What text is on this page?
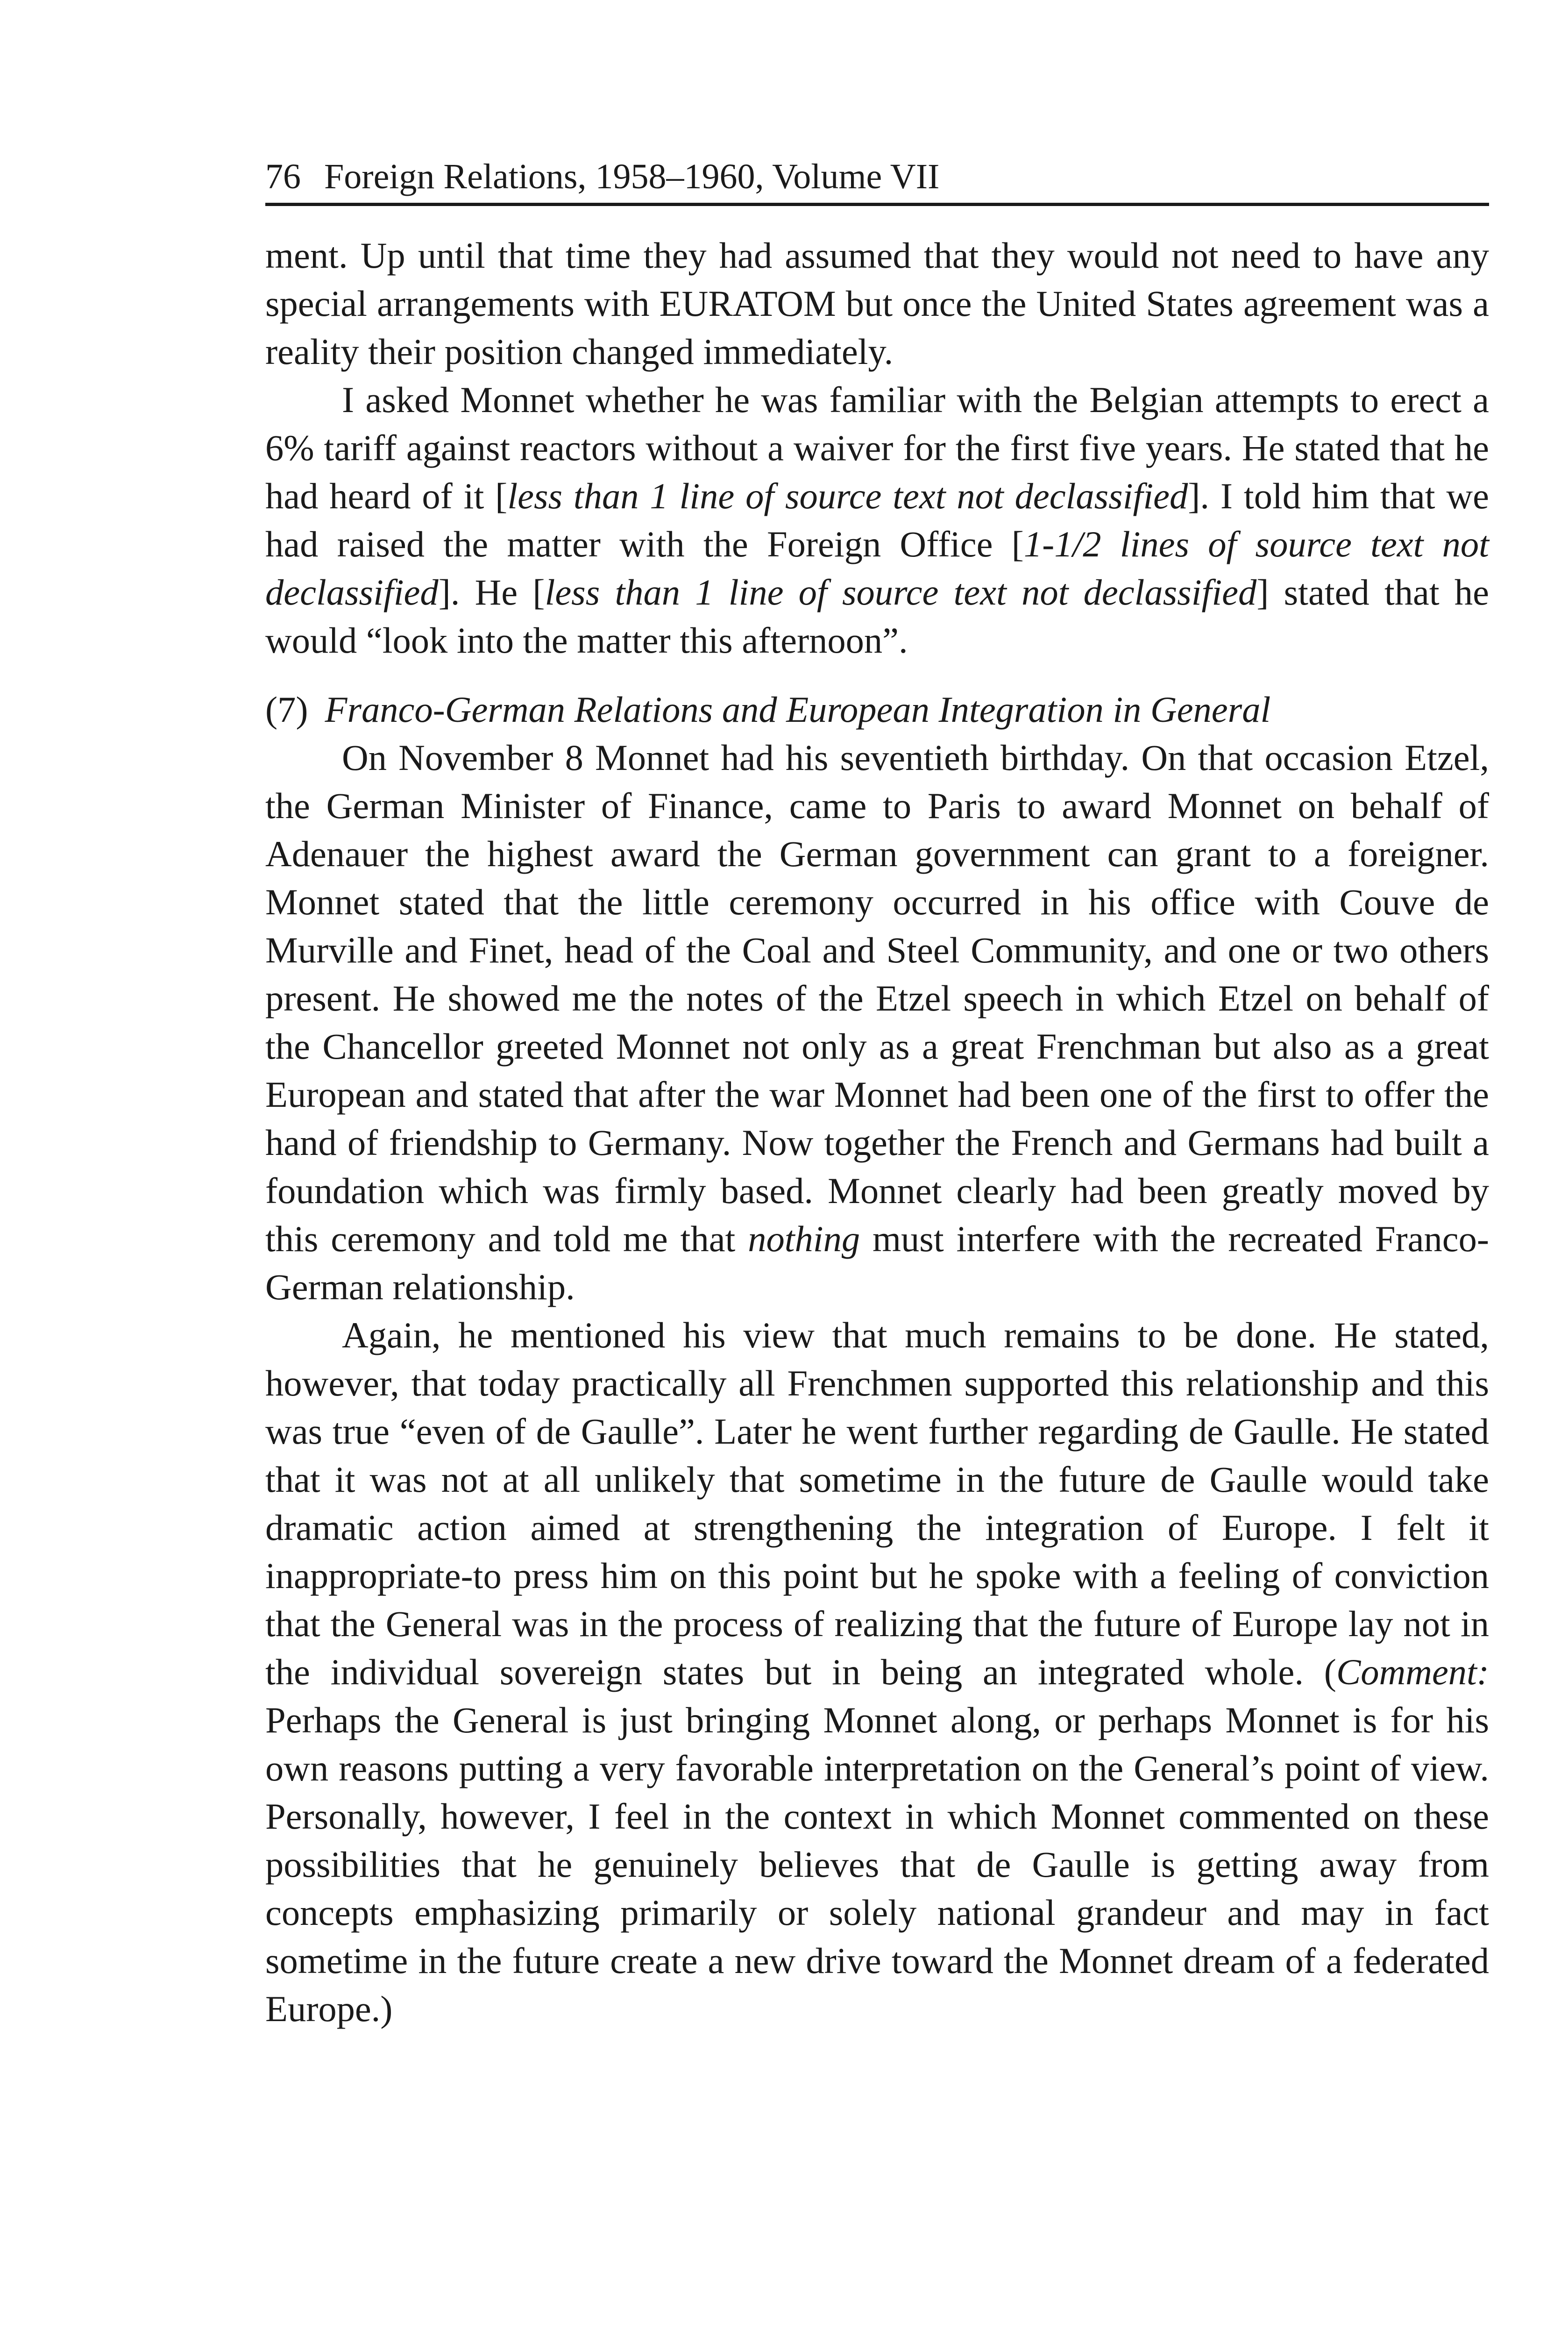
76 Foreign Relations, 1958–1960, Volume VII

ment. Up until that time they had assumed that they would not need to have any special arrangements with EURATOM but once the United States agreement was a reality their position changed immediately.

I asked Monnet whether he was familiar with the Belgian attempts to erect a 6% tariff against reactors without a waiver for the first five years. He stated that he had heard of it [less than 1 line of source text not declassified]. I told him that we had raised the matter with the Foreign Office [1-1/2 lines of source text not declassified]. He [less than 1 line of source text not declassified] stated that he would “look into the matter this afternoon”.

(7) Franco-German Relations and European Integration in General

On November 8 Monnet had his seventieth birthday. On that occasion Etzel, the German Minister of Finance, came to Paris to award Monnet on behalf of Adenauer the highest award the German government can grant to a foreigner. Monnet stated that the little ceremony occurred in his office with Couve de Murville and Finet, head of the Coal and Steel Community, and one or two others present. He showed me the notes of the Etzel speech in which Etzel on behalf of the Chancellor greeted Monnet not only as a great Frenchman but also as a great European and stated that after the war Monnet had been one of the first to offer the hand of friendship to Germany. Now together the French and Germans had built a foundation which was firmly based. Monnet clearly had been greatly moved by this ceremony and told me that nothing must interfere with the recreated Franco-German relationship.

Again, he mentioned his view that much remains to be done. He stated, however, that today practically all Frenchmen supported this relationship and this was true “even of de Gaulle”. Later he went further regarding de Gaulle. He stated that it was not at all unlikely that sometime in the future de Gaulle would take dramatic action aimed at strengthening the integration of Europe. I felt it inappropriate-to press him on this point but he spoke with a feeling of conviction that the General was in the process of realizing that the future of Europe lay not in the individual sovereign states but in being an integrated whole. (Comment: Perhaps the General is just bringing Monnet along, or perhaps Monnet is for his own reasons putting a very favorable interpretation on the General’s point of view. Personally, however, I feel in the context in which Monnet commented on these possibilities that he genuinely believes that de Gaulle is getting away from concepts emphasizing primarily or solely national grandeur and may in fact sometime in the future create a new drive toward the Monnet dream of a federated Europe.)
